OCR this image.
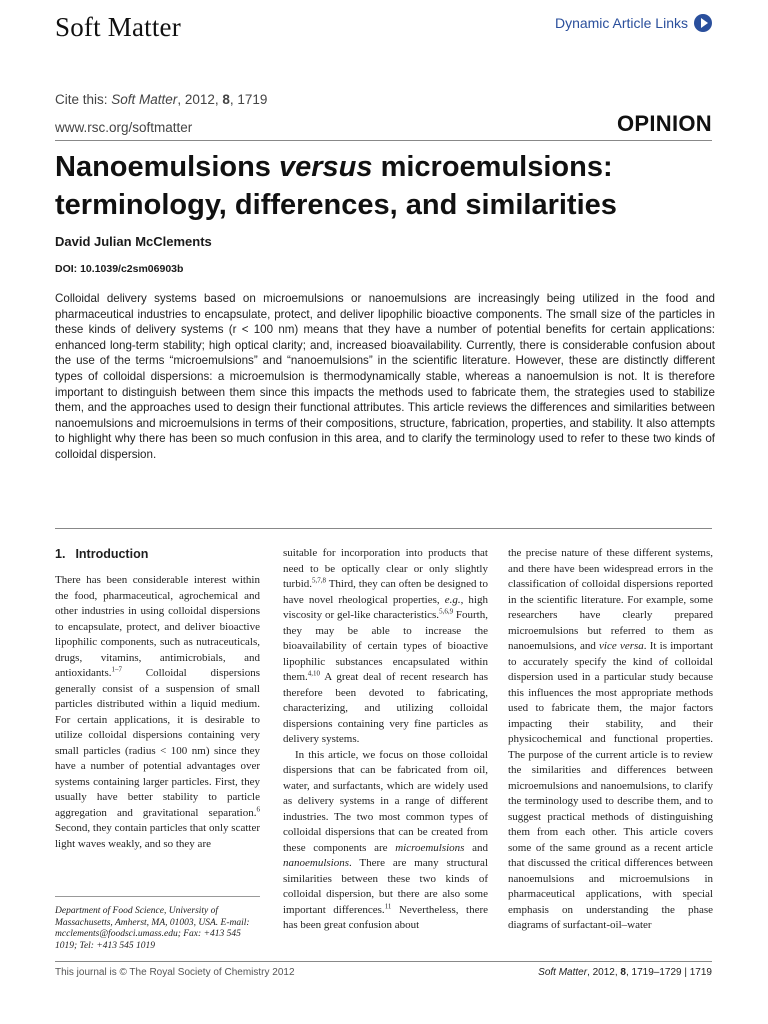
Soft Matter	Dynamic Article Links
Cite this: Soft Matter, 2012, 8, 1719
www.rsc.org/softmatter	OPINION
Nanoemulsions versus microemulsions: terminology, differences, and similarities
David Julian McClements
DOI: 10.1039/c2sm06903b
Colloidal delivery systems based on microemulsions or nanoemulsions are increasingly being utilized in the food and pharmaceutical industries to encapsulate, protect, and deliver lipophilic bioactive components. The small size of the particles in these kinds of delivery systems (r < 100 nm) means that they have a number of potential benefits for certain applications: enhanced long-term stability; high optical clarity; and, increased bioavailability. Currently, there is considerable confusion about the use of the terms “microemulsions” and “nanoemulsions” in the scientific literature. However, these are distinctly different types of colloidal dispersions: a microemulsion is thermodynamically stable, whereas a nanoemulsion is not. It is therefore important to distinguish between them since this impacts the methods used to fabricate them, the strategies used to stabilize them, and the approaches used to design their functional attributes. This article reviews the differences and similarities between nanoemulsions and microemulsions in terms of their compositions, structure, fabrication, properties, and stability. It also attempts to highlight why there has been so much confusion in this area, and to clarify the terminology used to refer to these two kinds of colloidal dispersion.
1. Introduction
There has been considerable interest within the food, pharmaceutical, agrochemical and other industries in using colloidal dispersions to encapsulate, protect, and deliver bioactive lipophilic components, such as nutraceuticals, drugs, vitamins, antimicrobials, and antioxidants.$^{1-7}$ Colloidal dispersions generally consist of a suspension of small particles distributed within a liquid medium. For certain applications, it is desirable to utilize colloidal dispersions containing very small particles (radius < 100 nm) since they have a number of potential advantages over systems containing larger particles. First, they usually have better stability to particle aggregation and gravitational separation.$^6$ Second, they contain particles that only scatter light waves weakly, and so they are
suitable for incorporation into products that need to be optically clear or only slightly turbid.$^{5,7,8}$ Third, they can often be designed to have novel rheological properties, e.g., high viscosity or gel-like characteristics.$^{5,6,9}$ Fourth, they may be able to increase the bioavailability of certain types of bioactive lipophilic substances encapsulated within them.$^{4,10}$ A great deal of recent research has therefore been devoted to fabricating, characterizing, and utilizing colloidal dispersions containing very fine particles as delivery systems.
In this article, we focus on those colloidal dispersions that can be fabricated from oil, water, and surfactants, which are widely used as delivery systems in a range of different industries. The two most common types of colloidal dispersions that can be created from these components are microemulsions and nanoemulsions. There are many structural similarities between these two kinds of colloidal dispersion, but there are also some important differences.$^{11}$ Nevertheless, there has been great confusion about
the precise nature of these different systems, and there have been widespread errors in the classification of colloidal dispersions reported in the scientific literature. For example, some researchers have clearly prepared microemulsions but referred to them as nanoemulsions, and vice versa. It is important to accurately specify the kind of colloidal dispersion used in a particular study because this influences the most appropriate methods used to fabricate them, the major factors impacting their stability, and their physicochemical and functional properties. The purpose of the current article is to review the similarities and differences between microemulsions and nanoemulsions, to clarify the terminology used to describe them, and to suggest practical methods of distinguishing them from each other. This article covers some of the same ground as a recent article that discussed the critical differences between nanoemulsions and microemulsions in pharmaceutical applications, with special emphasis on understanding the phase diagrams of surfactant-oil–water
Department of Food Science, University of Massachusetts, Amherst, MA, 01003, USA. E-mail: mcclements@foodsci.umass.edu; Fax: +413 545 1019; Tel: +413 545 1019
This journal is © The Royal Society of Chemistry 2012	Soft Matter, 2012, 8, 1719–1729 | 1719
